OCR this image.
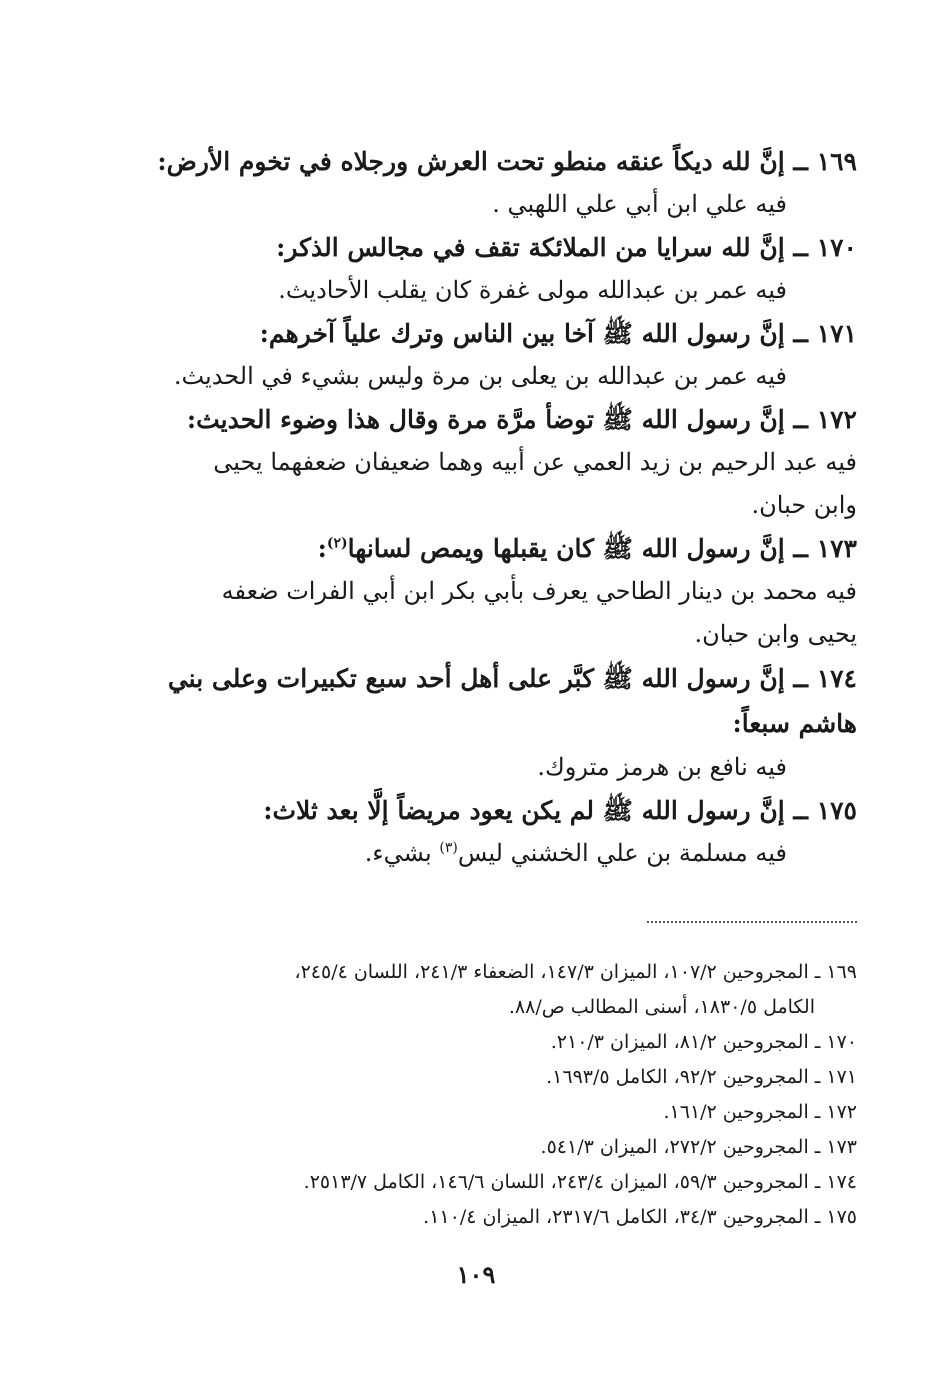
١٦٩ ــ إنَّ لله ديكاً عنقه منطو تحت العرش ورجلاه في تخوم الأرض:
فيه علي ابن أبي علي اللهبي .
١٧٠ ــ إنَّ لله سرايا من الملائكة تقف في مجالس الذكر:
فيه عمر بن عبدالله مولى غفرة كان يقلب الأحاديث.
١٧١ ــ إنَّ رسول الله ﷺ آخا بين الناس وترك علياً آخرهم:
فيه عمر بن عبدالله بن يعلى بن مرة وليس بشيء في الحديث.
١٧٢ ــ إنَّ رسول الله ﷺ توضأ مرَّة مرة وقال هذا وضوء الحديث:
فيه عبد الرحيم بن زيد العمي عن أبيه وهما ضعيفان ضعفهما يحيى
وابن حبان.
١٧٣ ــ إنَّ رسول الله ﷺ كان يقبلها ويمص لسانها$^{(٢)}$:
فيه محمد بن دينار الطاحي يعرف بأبي بكر ابن أبي الفرات ضعفه
يحيى وابن حبان.
١٧٤ ــ إنَّ رسول الله ﷺ كبَّر على أهل أحد سبع تكبيرات وعلى بني هاشم سبعاً:
فيه نافع بن هرمز متروك.
١٧٥ ــ إنَّ رسول الله ﷺ لم يكن يعود مريضاً إلَّا بعد ثلاث:
فيه مسلمة بن علي الخشني ليس$^{(٣)}$ بشيء.
١٦٩ ـ المجروحين ١٠٧/٢، الميزان ١٤٧/٣، الضعفاء ٢٤١/٣، اللسان ٢٤٥/٤،
الكامل ١٨٣٠/٥، أسنى المطالب ص/٨٨.
١٧٠ ـ المجروحين ٨١/٢، الميزان ٢١٠/٣.
١٧١ ـ المجروحين ٩٢/٢، الكامل ١٦٩٣/٥.
١٧٢ ـ المجروحين ١٦١/٢.
١٧٣ ـ المجروحين ٢٧٢/٢، الميزان ٥٤١/٣.
١٧٤ ـ المجروحين ٥٩/٣، الميزان ٢٤٣/٤، اللسان ١٤٦/٦، الكامل ٢٥١٣/٧.
١٧٥ ـ المجروحين ٣٤/٣، الكامل ٢٣١٧/٦، الميزان ١١٠/٤.
١٠٩
